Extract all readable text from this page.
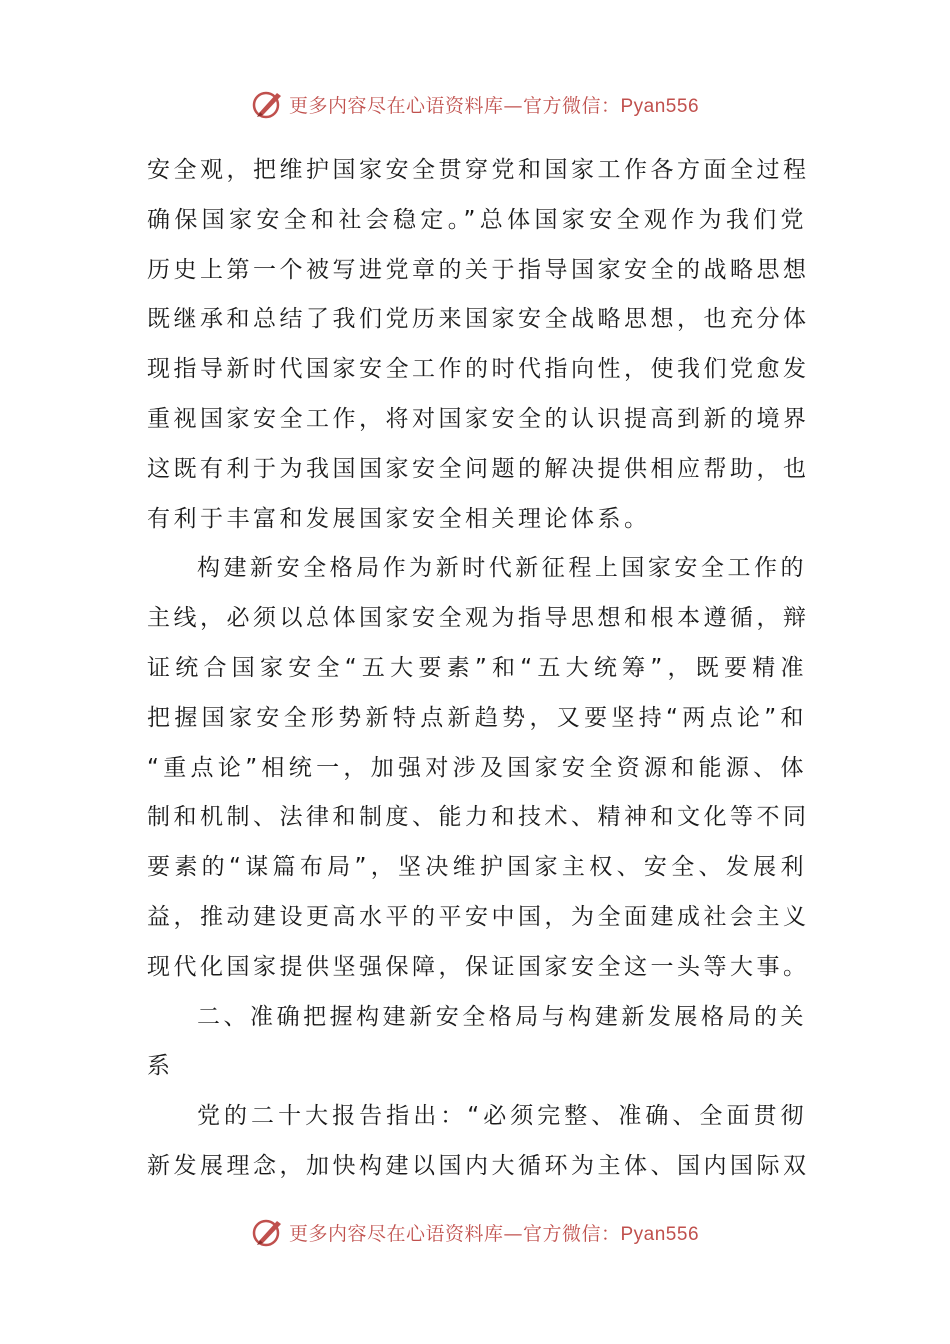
更多内容尽在心语资料库—官方微信：Pyan556
安全观，把维护国家安全贯穿党和国家工作各方面全过程
确保国家安全和社会稳定。”总体国家安全观作为我们党
历史上第一个被写进党章的关于指导国家安全的战略思想
既继承和总结了我们党历来国家安全战略思想，也充分体
现指导新时代国家安全工作的时代指向性，使我们党愈发
重视国家安全工作，将对国家安全的认识提高到新的境界
这既有利于为我国国家安全问题的解决提供相应帮助，也
有利于丰富和发展国家安全相关理论体系。
构建新安全格局作为新时代新征程上国家安全工作的
主线，必须以总体国家安全观为指导思想和根本遵循，辩
证统合国家安全“五大要素”和“五大统筹”，既要精准
把握国家安全形势新特点新趋势，又要坚持“两点论”和
“重点论”相统一，加强对涉及国家安全资源和能源、体
制和机制、法律和制度、能力和技术、精神和文化等不同
要素的“谋篇布局”，坚决维护国家主权、安全、发展利
益，推动建设更高水平的平安中国，为全面建成社会主义
现代化国家提供坚强保障，保证国家安全这一头等大事。
二、准确把握构建新安全格局与构建新发展格局的关
系
党的二十大报告指出：“必须完整、准确、全面贯彻
新发展理念，加快构建以国内大循环为主体、国内国际双
更多内容尽在心语资料库—官方微信：Pyan556
